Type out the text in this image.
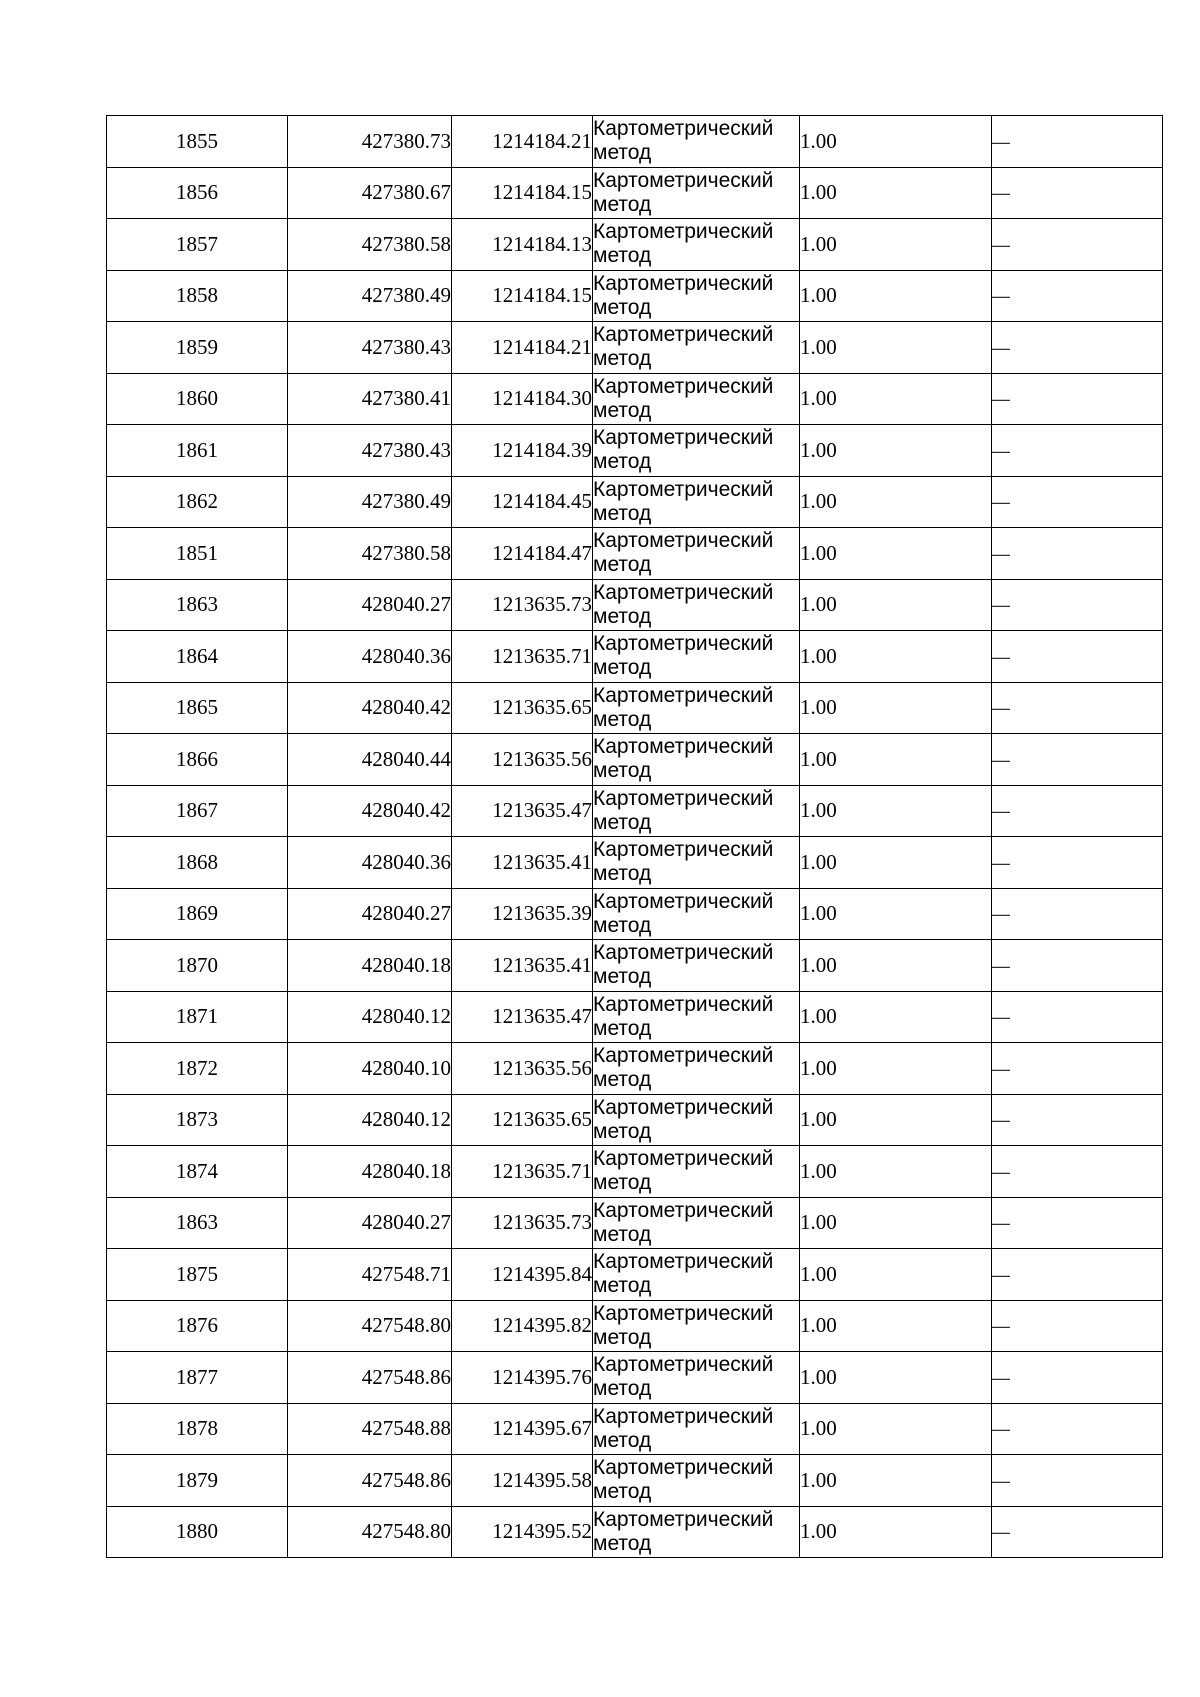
1855	427380.73	1214184.21	Картометрический
метод	1.00	—
1856	427380.67	1214184.15	Картометрический
метод	1.00	—
1857	427380.58	1214184.13	Картометрический
метод	1.00	—
1858	427380.49	1214184.15	Картометрический
метод	1.00	—
1859	427380.43	1214184.21	Картометрический
метод	1.00	—
1860	427380.41	1214184.30	Картометрический
метод	1.00	—
1861	427380.43	1214184.39	Картометрический
метод	1.00	—
1862	427380.49	1214184.45	Картометрический
метод	1.00	—
1851	427380.58	1214184.47	Картометрический
метод	1.00	—
1863	428040.27	1213635.73	Картометрический
метод	1.00	—
1864	428040.36	1213635.71	Картометрический
метод	1.00	—
1865	428040.42	1213635.65	Картометрический
метод	1.00	—
1866	428040.44	1213635.56	Картометрический
метод	1.00	—
1867	428040.42	1213635.47	Картометрический
метод	1.00	—
1868	428040.36	1213635.41	Картометрический
метод	1.00	—
1869	428040.27	1213635.39	Картометрический
метод	1.00	—
1870	428040.18	1213635.41	Картометрический
метод	1.00	—
1871	428040.12	1213635.47	Картометрический
метод	1.00	—
1872	428040.10	1213635.56	Картометрический
метод	1.00	—
1873	428040.12	1213635.65	Картометрический
метод	1.00	—
1874	428040.18	1213635.71	Картометрический
метод	1.00	—
1863	428040.27	1213635.73	Картометрический
метод	1.00	—
1875	427548.71	1214395.84	Картометрический
метод	1.00	—
1876	427548.80	1214395.82	Картометрический
метод	1.00	—
1877	427548.86	1214395.76	Картометрический
метод	1.00	—
1878	427548.88	1214395.67	Картометрический
метод	1.00	—
1879	427548.86	1214395.58	Картометрический
метод	1.00	—
1880	427548.80	1214395.52	Картометрический
метод	1.00	—
